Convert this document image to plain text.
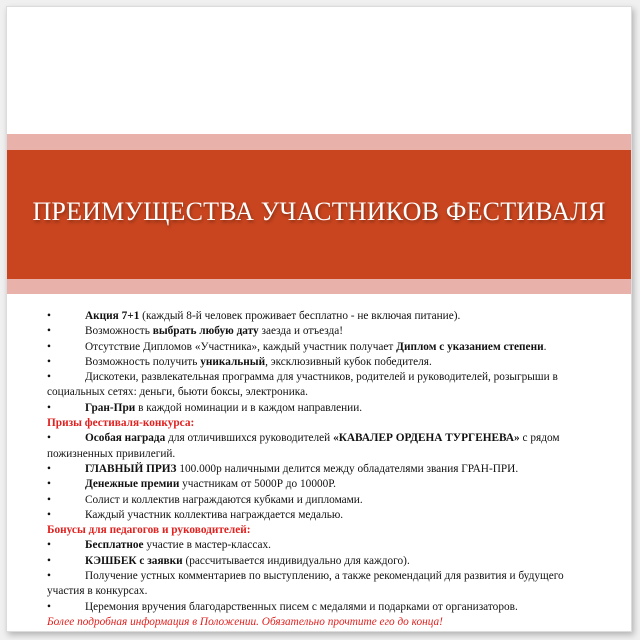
ПРЕИМУЩЕСТВА УЧАСТНИКОВ ФЕСТИВАЛЯ
•	Акция 7+1 (каждый 8-й человек проживает бесплатно - не включая питание).
•	Возможность выбрать любую дату заезда и отъезда!
•	Отсутствие Дипломов «Участника», каждый участник получает Диплом с указанием степени.
•	Возможность получить уникальный, эксклюзивный кубок победителя.
•	Дискотеки, развлекательная программа для участников, родителей и руководителей, розыгрыши в
социальных сетях: деньги, бьюти боксы, электроника.
•	Гран-При в каждой номинации и в каждом направлении.
Призы фестиваля-конкурса:
•	Особая награда для отличившихся руководителей «КАВАЛЕР ОРДЕНА ТУРГЕНЕВА» с рядом
пожизненных привилегий.
•	ГЛАВНЫЙ ПРИЗ 100.000р наличными делится между обладателями звания ГРАН-ПРИ.
•	Денежные премии участникам от 5000Р до 10000Р.
•	Солист и коллектив награждаются кубками и дипломами.
•	Каждый участник коллектива награждается медалью.
Бонусы для педагогов и руководителей:
•	Бесплатное участие в мастер-классах.
•	КЭШБЕК с заявки (рассчитывается индивидуально для каждого).
•	Получение устных комментариев по выступлению, а также рекомендаций для развития и будущего
участия в конкурсах.
•	Церемония вручения благодарственных писем с медалями и подарками от организаторов.
Более подробная информация в Положении. Обязательно прочтите его до конца!
